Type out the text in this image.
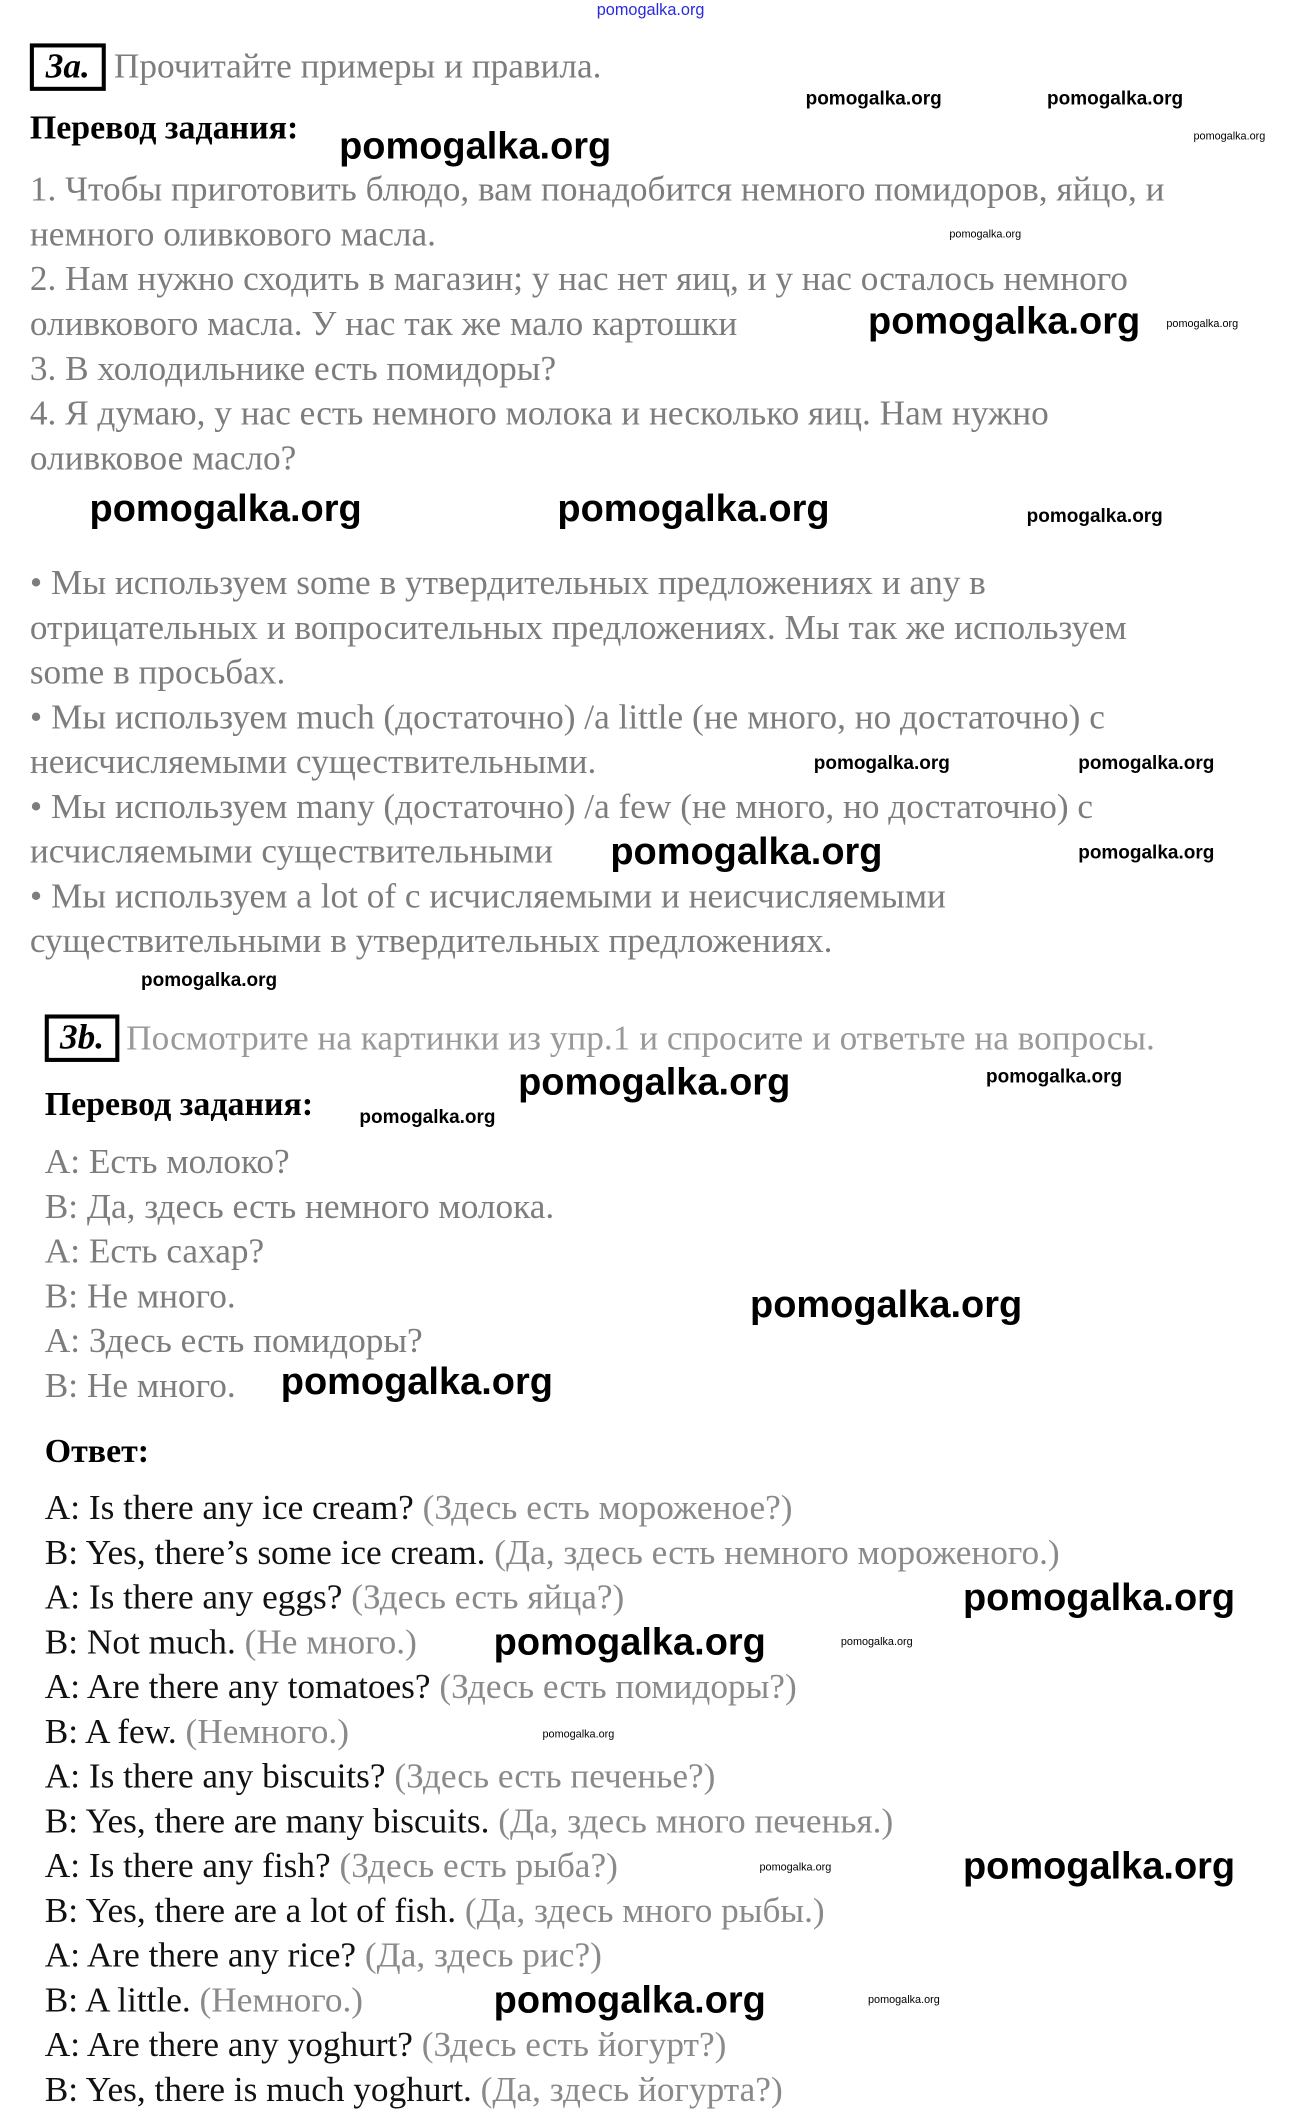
pomogalka.org
3a. Прочитайте примеры и правила.
pomogalka.org	pomogalka.org
pomogalka.org
Перевод задания: pomogalka.org
1. Чтобы приготовить блюдо, вам понадобится немного помидоров, яйцо, и
немного оливкового масла.
2. Нам нужно сходить в магазин; у нас нет яиц, и у нас осталось немного
оливкового масла. У нас так же мало картошки
3. В холодильнике есть помидоры?
4. Я думаю, у нас есть немного молока и несколько яиц. Нам нужно
оливковое масло?
pomogalka.org
pomogalka.org
pomogalka.org
pomogalka.org	pomogalka.org	pomogalka.org
• Мы используем some в утвердительных предложениях и any в
отрицательных и вопросительных предложениях. Мы так же используем
some в просьбах.
• Мы используем much (достаточно) /a little (не много, но достаточно) с
неисчисляемыми существительными.
• Мы используем many (достаточно) /a few (не много, но достаточно) с
исчисляемыми существительными
• Мы используем a lot of с исчисляемыми и неисчисляемыми
существительными в утвердительных предложениях.
pomogalka.org
pomogalka.org
pomogalka.org	pomogalka.org
pomogalka.org
3b. Посмотрите на картинки из упр.1 и спросите и ответьте на вопросы.
pomogalka.org	pomogalka.org
Перевод задания:	pomogalka.org
A: Есть молоко?
B: Да, здесь есть немного молока.
A: Есть сахар?
B: Не много.
A: Здесь есть помидоры?
B: Не много.
pomogalka.org
pomogalka.org
Ответ:
A: Is there any ice cream? (Здесь есть мороженое?)
B: Yes, there’s some ice cream. (Да, здесь есть немного мороженого.)
A: Is there any eggs? (Здесь есть яйца?)
B: Not much. (Не много.)
A: Are there any tomatoes? (Здесь есть помидоры?)
B: A few. (Немного.)
A: Is there any biscuits? (Здесь есть печенье?)
B: Yes, there are many biscuits. (Да, здесь много печенья.)
A: Is there any fish? (Здесь есть рыба?)
B: Yes, there are a lot of fish. (Да, здесь много рыбы.)
A: Are there any rice? (Да, здесь рис?)
B: A little. (Немного.)
A: Are there any yoghurt? (Здесь есть йогурт?)
B: Yes, there is much yoghurt. (Да, здесь йогурта?)
pomogalka.org
pomogalka.org
pomogalka.org
pomogalka.org
pomogalka.org	pomogalka.org
pomogalka.org
pomogalka.org
